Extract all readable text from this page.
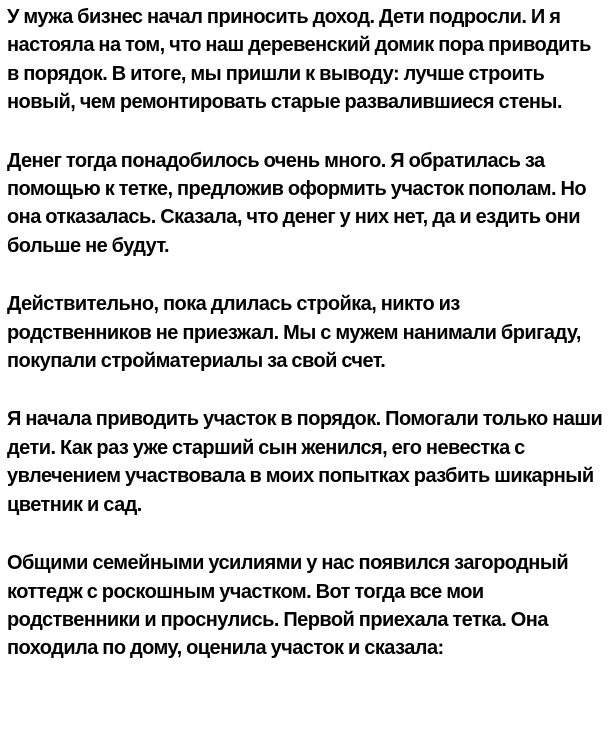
У мужа бизнес начал приносить доход. Дети подросли. И я настояла на том, что наш деревенский домик пора приводить в порядок. В итоге, мы пришли к выводу: лучше строить новый, чем ремонтировать старые развалившиеся стены.

Денег тогда понадобилось очень много. Я обратилась за помощью к тетке, предложив оформить участок пополам. Но она отказалась. Сказала, что денег у них нет, да и ездить они больше не будут.

Действительно, пока длилась стройка, никто из родственников не приезжал. Мы с мужем нанимали бригаду, покупали стройматериалы за свой счет.

Я начала приводить участок в порядок. Помогали только наши дети. Как раз уже старший сын женился, его невестка с увлечением участвовала в моих попытках разбить шикарный цветник и сад.

Общими семейными усилиями у нас появился загородный коттедж с роскошным участком. Вот тогда все мои родственники и проснулись. Первой приехала тетка. Она походила по дому, оценила участок и сказала:
